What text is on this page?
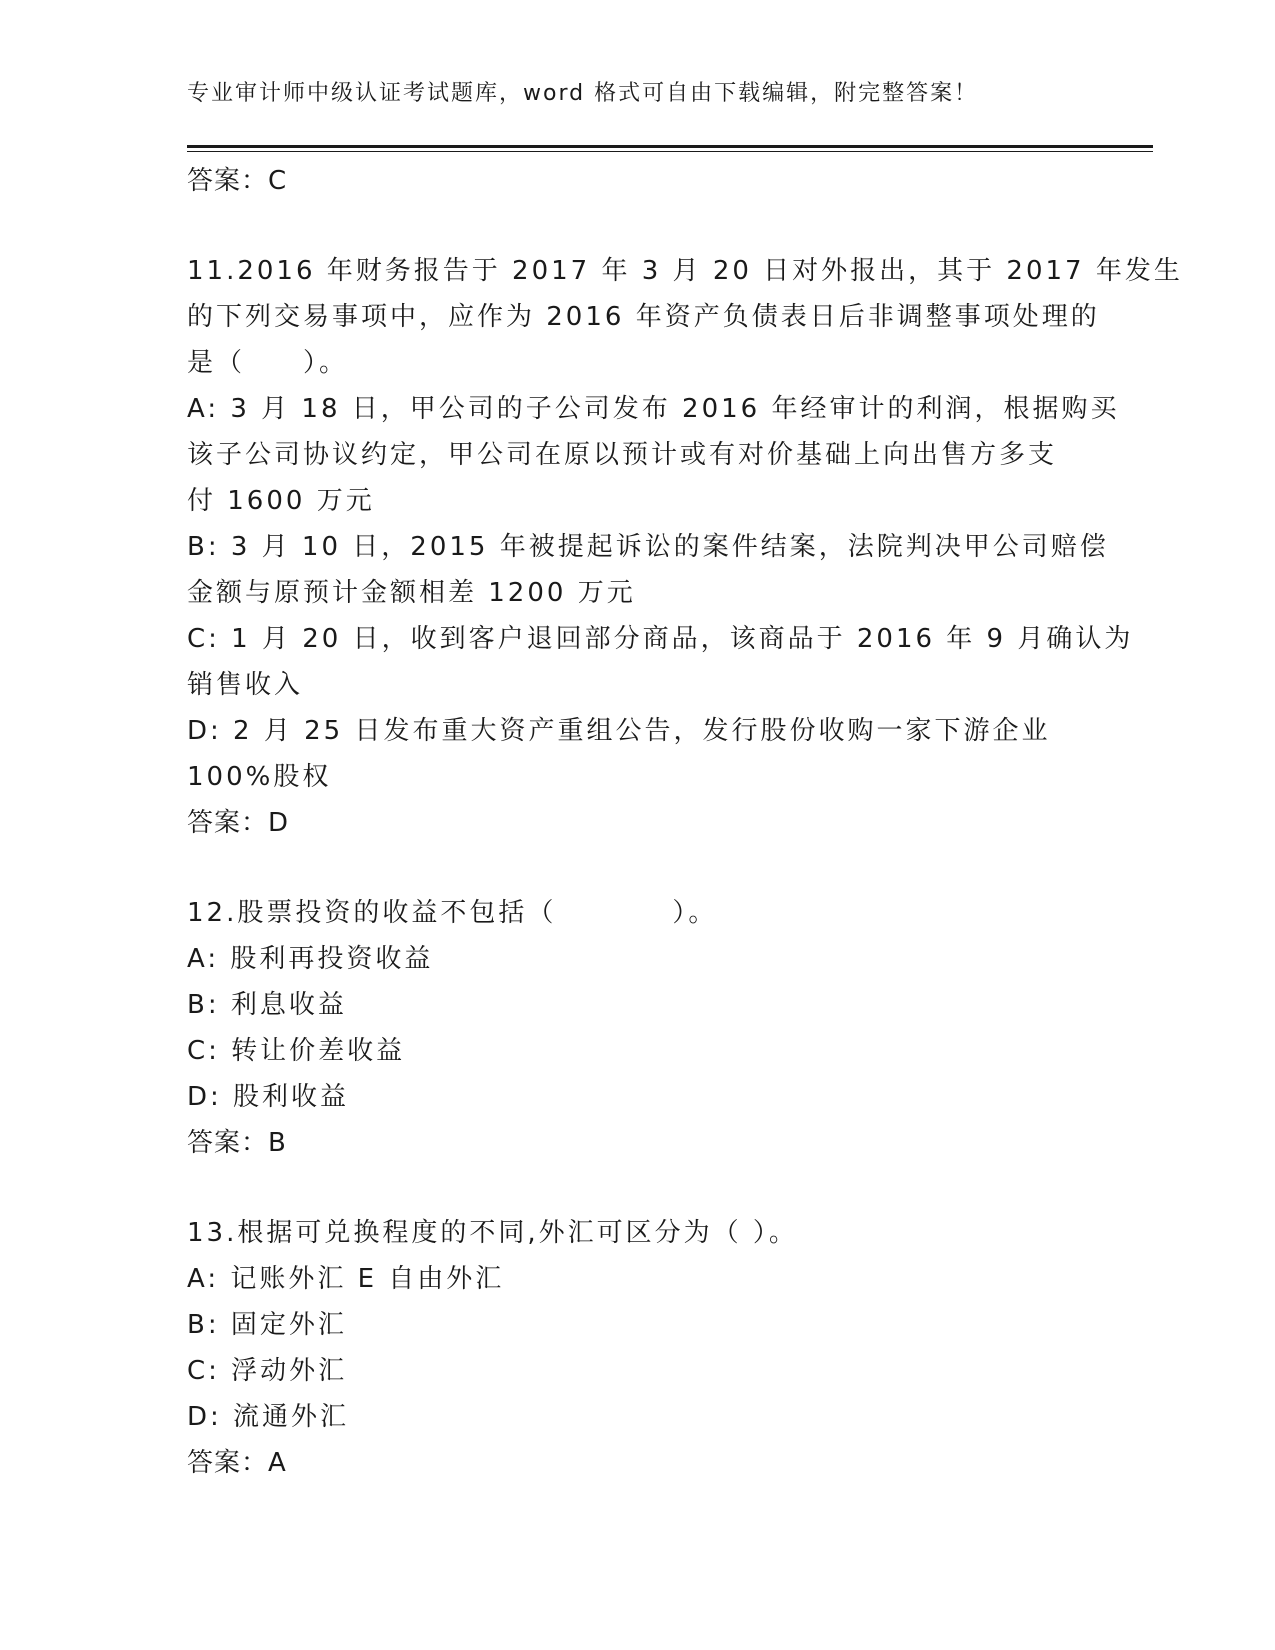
专业审计师中级认证考试题库，word 格式可自由下载编辑，附完整答案！
答案：C
11.2016 年财务报告于 2017 年 3 月 20 日对外报出，其于 2017 年发生
的下列交易事项中，应作为 2016 年资产负债表日后非调整事项处理的
是（　　）。
A: 3 月 18 日，甲公司的子公司发布 2016 年经审计的利润，根据购买
该子公司协议约定，甲公司在原以预计或有对价基础上向出售方多支
付 1600 万元
B: 3 月 10 日，2015 年被提起诉讼的案件结案，法院判决甲公司赔偿
金额与原预计金额相差 1200 万元
C: 1 月 20 日，收到客户退回部分商品，该商品于 2016 年 9 月确认为
销售收入
D: 2 月 25 日发布重大资产重组公告，发行股份收购一家下游企业
100%股权
答案：D
12.股票投资的收益不包括（　　　　）。
A: 股利再投资收益
B: 利息收益
C: 转让价差收益
D: 股利收益
答案：B
13.根据可兑换程度的不同,外汇可区分为（ ）。
A: 记账外汇 E 自由外汇
B: 固定外汇
C: 浮动外汇
D: 流通外汇
答案：A
